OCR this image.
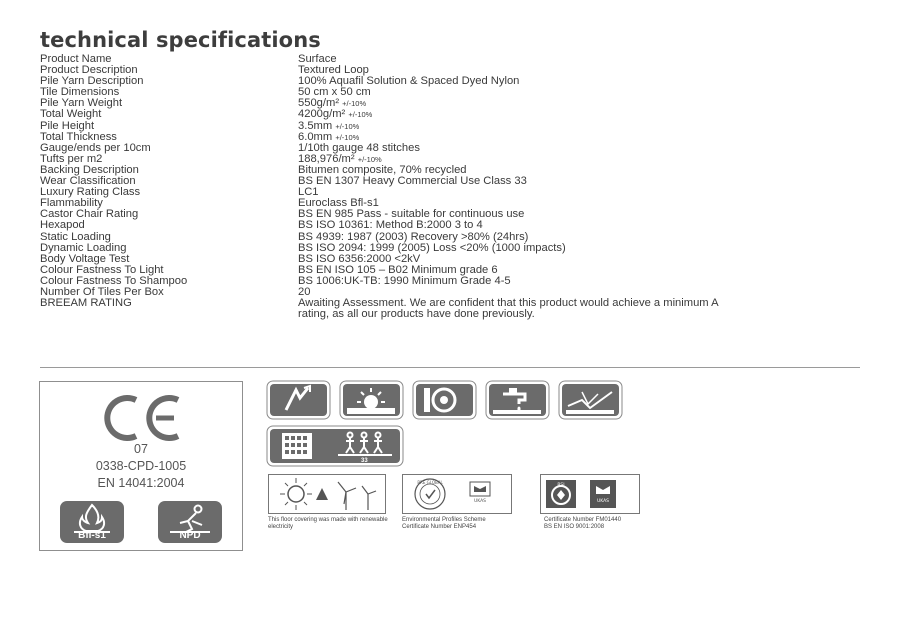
technical specifications
Product Name	Surface
Product Description	Textured Loop
Pile Yarn Description	100% Aquafil Solution & Spaced Dyed Nylon
Tile Dimensions	50 cm x 50 cm
Pile Yarn Weight	550g/m² +/-10%
Total Weight	4200g/m² +/-10%
Pile Height	3.5mm +/-10%
Total Thickness	6.0mm +/-10%
Gauge/ends per 10cm	1/10th gauge 48 stitches
Tufts per m2	188,976/m² +/-10%
Backing Description	Bitumen composite, 70% recycled
Wear Classification	BS EN 1307 Heavy Commercial Use Class 33
Luxury Rating Class	LC1
Flammability	Euroclass Bfl-s1
Castor Chair Rating	BS EN 985 Pass - suitable for continuous use
Hexapod	BS ISO 10361: Method B:2000 3 to 4
Static Loading	BS 4939: 1987 (2003) Recovery >80% (24hrs)
Dynamic Loading	BS ISO 2094: 1999 (2005) Loss <20% (1000 impacts)
Body Voltage Test	BS ISO 6356:2000 <2kV
Colour Fastness To Light	BS EN ISO 105 – B02 Minimum grade 6
Colour Fastness To Shampoo	BS 1006:UK-TB: 1990 Minimum Grade 4-5
Number Of Tiles Per Box	20
BREEAM RATING	Awaiting Assessment. We are confident that this product would achieve a minimum A rating, as all our products have done previously.
07
0338-CPD-1005
EN 14041:2004
Bfl-s1	NPD
33
This floor covering was made with renewable electricity
BRE GLOBAL
UKAS
Environmental Profiles Scheme
Certificate Number ENP454
BSI
UKAS
Certificate Number FM01440
BS EN ISO 9001:2008
